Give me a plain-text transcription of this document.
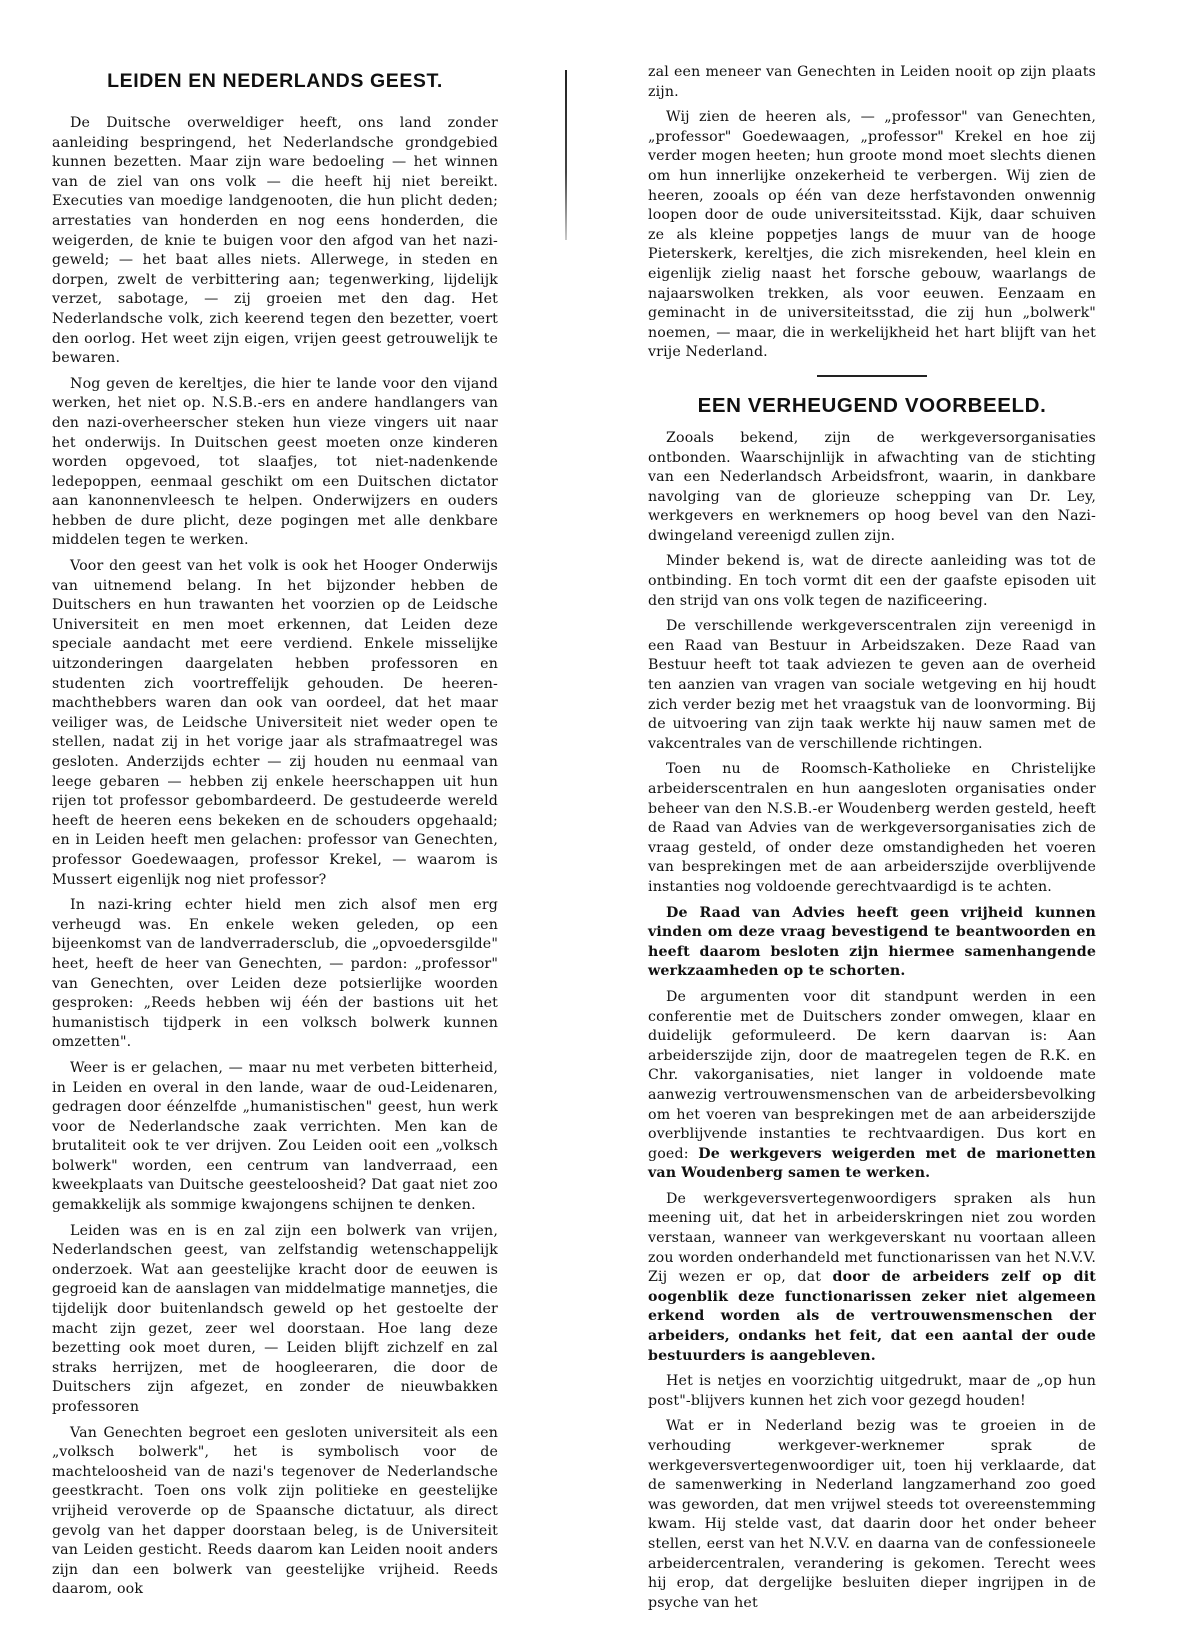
LEIDEN EN NEDERLANDS GEEST.

De Duitsche overweldiger heeft, ons land zonder aanleiding bespringend, het Nederlandsche grondgebied kunnen bezetten. Maar zijn ware bedoeling — het winnen van de ziel van ons volk — die heeft hij niet bereikt. Executies van moedige landgenooten, die hun plicht deden; arrestaties van honderden en nog eens honderden, die weigerden, de knie te buigen voor den afgod van het nazi-geweld; — het baat alles niets. Allerwege, in steden en dorpen, zwelt de verbittering aan; tegenwerking, lijdelijk verzet, sabotage, — zij groeien met den dag. Het Nederlandsche volk, zich keerend tegen den bezetter, voert den oorlog. Het weet zijn eigen, vrijen geest getrouwelijk te bewaren.

Nog geven de kereltjes, die hier te lande voor den vijand werken, het niet op. N.S.B.-ers en andere handlangers van den nazi-overheerscher steken hun vieze vingers uit naar het onderwijs. In Duitschen geest moeten onze kinderen worden opgevoed, tot slaafjes, tot niet-nadenkende ledepoppen, eenmaal geschikt om een Duitschen dictator aan kanonnenvleesch te helpen. Onderwijzers en ouders hebben de dure plicht, deze pogingen met alle denkbare middelen tegen te werken.

Voor den geest van het volk is ook het Hooger Onderwijs van uitnemend belang. In het bijzonder hebben de Duitschers en hun trawanten het voorzien op de Leidsche Universiteit en men moet erkennen, dat Leiden deze speciale aandacht met eere verdiend. Enkele misselijke uitzonderingen daargelaten hebben professoren en studenten zich voortreffelijk gehouden. De heeren-machthebbers waren dan ook van oordeel, dat het maar veiliger was, de Leidsche Universiteit niet weder open te stellen, nadat zij in het vorige jaar als strafmaatregel was gesloten. Anderzijds echter — zij houden nu eenmaal van leege gebaren — hebben zij enkele heerschappen uit hun rijen tot professor gebombardeerd. De gestudeerde wereld heeft de heeren eens bekeken en de schouders opgehaald; en in Leiden heeft men gelachen: professor van Genechten, professor Goedewaagen, professor Krekel, — waarom is Mussert eigenlijk nog niet professor?

In nazi-kring echter hield men zich alsof men erg verheugd was. En enkele weken geleden, op een bijeenkomst van de landverradersclub, die „opvoedersgilde" heet, heeft de heer van Genechten, — pardon: „professor" van Genechten, over Leiden deze potsierlijke woorden gesproken: „Reeds hebben wij één der bastions uit het humanistisch tijdperk in een volksch bolwerk kunnen omzetten".

Weer is er gelachen, — maar nu met verbeten bitterheid, in Leiden en overal in den lande, waar de oud-Leidenaren, gedragen door éénzelfde „humanistischen" geest, hun werk voor de Nederlandsche zaak verrichten. Men kan de brutaliteit ook te ver drijven. Zou Leiden ooit een „volksch bolwerk" worden, een centrum van landverraad, een kweekplaats van Duitsche geesteloosheid? Dat gaat niet zoo gemakkelijk als sommige kwajongens schijnen te denken.

Leiden was en is en zal zijn een bolwerk van vrijen, Nederlandschen geest, van zelfstandig wetenschappelijk onderzoek. Wat aan geestelijke kracht door de eeuwen is gegroeid kan de aanslagen van middelmatige mannetjes, die tijdelijk door buitenlandsch geweld op het gestoelte der macht zijn gezet, zeer wel doorstaan. Hoe lang deze bezetting ook moet duren, — Leiden blijft zichzelf en zal straks herrijzen, met de hoogleeraren, die door de Duitschers zijn afgezet, en zonder de nieuwbakken professoren

Van Genechten begroet een gesloten universiteit als een „volksch bolwerk", het is symbolisch voor de machteloosheid van de nazi's tegenover de Nederlandsche geestkracht. Toen ons volk zijn politieke en geestelijke vrijheid veroverde op de Spaansche dictatuur, als direct gevolg van het dapper doorstaan beleg, is de Universiteit van Leiden gesticht. Reeds daarom kan Leiden nooit anders zijn dan een bolwerk van geestelijke vrijheid. Reeds daarom, ook

zal een meneer van Genechten in Leiden nooit op zijn plaats zijn.

Wij zien de heeren als, — „professor" van Genechten, „professor" Goedewaagen, „professor" Krekel en hoe zij verder mogen heeten; hun groote mond moet slechts dienen om hun innerlijke onzekerheid te verbergen. Wij zien de heeren, zooals op één van deze herfstavonden onwennig loopen door de oude universiteitsstad. Kijk, daar schuiven ze als kleine poppetjes langs de muur van de hooge Pieterskerk, kereltjes, die zich misrekenden, heel klein en eigenlijk zielig naast het forsche gebouw, waarlangs de najaarswolken trekken, als voor eeuwen. Eenzaam en geminacht in de universiteitsstad, die zij hun „bolwerk" noemen, — maar, die in werkelijkheid het hart blijft van het vrije Nederland.

EEN VERHEUGEND VOORBEELD.

Zooals bekend, zijn de werkgeversorganisaties ontbonden. Waarschijnlijk in afwachting van de stichting van een Nederlandsch Arbeidsfront, waarin, in dankbare navolging van de glorieuze schepping van Dr. Ley, werkgevers en werknemers op hoog bevel van den Nazi-dwingeland vereenigd zullen zijn.

Minder bekend is, wat de directe aanleiding was tot de ontbinding. En toch vormt dit een der gaafste episoden uit den strijd van ons volk tegen de nazificeering.

De verschillende werkgeverscentralen zijn vereenigd in een Raad van Bestuur in Arbeidszaken. Deze Raad van Bestuur heeft tot taak adviezen te geven aan de overheid ten aanzien van vragen van sociale wetgeving en hij houdt zich verder bezig met het vraagstuk van de loonvorming. Bij de uitvoering van zijn taak werkte hij nauw samen met de vakcentrales van de verschillende richtingen.

Toen nu de Roomsch-Katholieke en Christelijke arbeiderscentralen en hun aangesloten organisaties onder beheer van den N.S.B.-er Woudenberg werden gesteld, heeft de Raad van Advies van de werkgeversorganisaties zich de vraag gesteld, of onder deze omstandigheden het voeren van besprekingen met de aan arbeiderszijde overblijvende instanties nog voldoende gerechtvaardigd is te achten.

De Raad van Advies heeft geen vrijheid kunnen vinden om deze vraag bevestigend te beantwoorden en heeft daarom besloten zijn hiermee samenhangende werkzaamheden op te schorten.

De argumenten voor dit standpunt werden in een conferentie met de Duitschers zonder omwegen, klaar en duidelijk geformuleerd. De kern daarvan is: Aan arbeiderszijde zijn, door de maatregelen tegen de R.K. en Chr. vakorganisaties, niet langer in voldoende mate aanwezig vertrouwensmenschen van de arbeidersbevolking om het voeren van besprekingen met de aan arbeiderszijde overblijvende instanties te rechtvaardigen. Dus kort en goed: De werkgevers weigerden met de marionetten van Woudenberg samen te werken.

De werkgeversvertegenwoordigers spraken als hun meening uit, dat het in arbeiderskringen niet zou worden verstaan, wanneer van werkgeverskant nu voortaan alleen zou worden onderhandeld met functionarissen van het N.V.V. Zij wezen er op, dat door de arbeiders zelf op dit oogenblik deze functionarissen zeker niet algemeen erkend worden als de vertrouwensmenschen der arbeiders, ondanks het feit, dat een aantal der oude bestuurders is aangebleven.

Het is netjes en voorzichtig uitgedrukt, maar de „op hun post"-blijvers kunnen het zich voor gezegd houden!

Wat er in Nederland bezig was te groeien in de verhouding werkgever-werknemer sprak de werkgeversvertegenwoordiger uit, toen hij verklaarde, dat de samenwerking in Nederland langzamerhand zoo goed was geworden, dat men vrijwel steeds tot overeenstemming kwam. Hij stelde vast, dat daarin door het onder beheer stellen, eerst van het N.V.V. en daarna van de confessioneele arbeidercentralen, verandering is gekomen. Terecht wees hij erop, dat dergelijke besluiten dieper ingrijpen in de psyche van het
